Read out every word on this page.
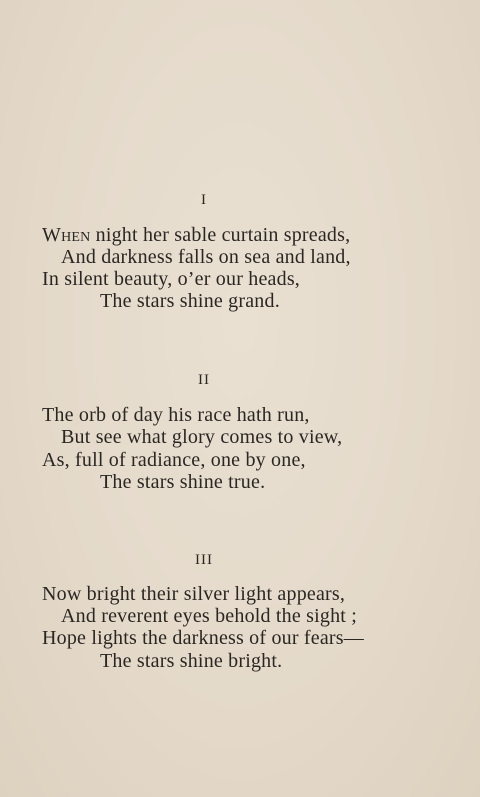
I
When night her sable curtain spreads,
And darkness falls on sea and land,
In silent beauty, o’er our heads,
The stars shine grand.
II
The orb of day his race hath run,
But see what glory comes to view,
As, full of radiance, one by one,
The stars shine true.
III
Now bright their silver light appears,
And reverent eyes behold the sight ;
Hope lights the darkness of our fears—
The stars shine bright.
